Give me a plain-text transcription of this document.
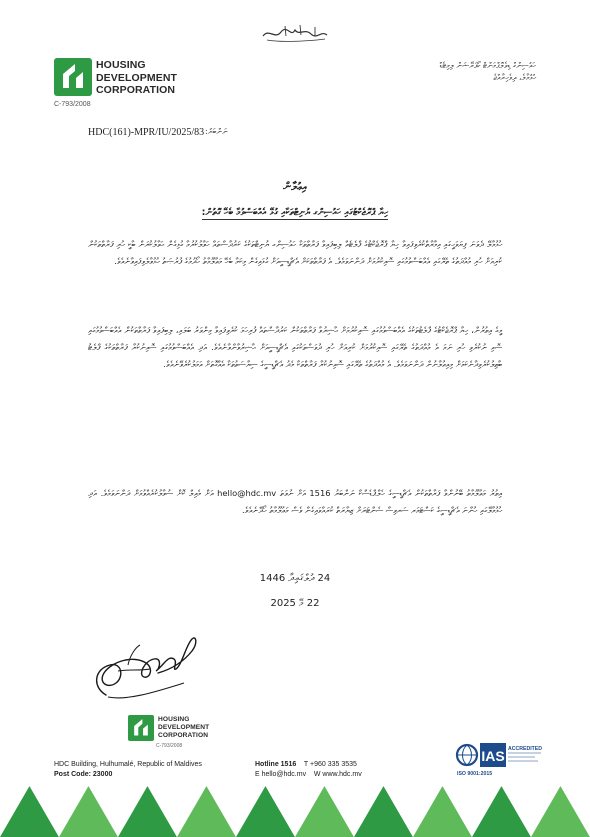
HOUSING
DEVELOPMENT
CORPORATION
C-793/2008
ހައުސިންގް ޑިވެލޮޕްމަންޓް ކޯޕަރޭޝަން ލިމިޓެޑް
ހުޅުމާލެ، ދިވެހިރާއްޖެ
HDC(161)-MPR/IU/2025/83 ނަންބަރު:
އިޢުލާން
ހިޔާ ޕްރޮޖެކްޓުގައި ހައުސިންގ ޔުނިޓްތަކާއި ގުޅޭ އެއްބަސްވުމާ ބެހޭ ގޮތުން:
ހުޅުމާލޭ ދެވަނަ ފިޔަވަހީގައި އިމާރާތްކުރެވިފައިވާ ހިޔާ ޕްރޮޖެކްޓުގެ ފްލެޓެއް ލިބިފައިވާ ފަރާތްތަކާ ހައުސިންގ ޔުނިޓްތަކުގެ ކަރުދާސްތައް ހަވާލުކުރުމާ ގުޅިގެން ޙަވާލުކުރަން ބާކީ ހުރި ފަރާތްތަކުން ކުރިއަށް ހުރި މުއްދަތުގެ ތެރޭގައި އެއްބަސްވުމުގައި ސޮއިކުރުމަށް ދަންނަވަމެވެ. އެ ފަރާތްތަކަށް އެޗްޑީސީއަށް ގުޅައިގެން މިކަމާ ބެހޭ މަޢުލޫމާތު ހޯދުމުގެ ފުރުޞަތު ހުޅުވާލެވިފައިވާނެއެވެ.
މީގެ އިތުރުން، ހިޔާ ޕްރޮޖެކްޓުގެ ފްލެޓުތަކުގެ އެއްބަސްވުމުގައި ސޮއިކުރުމަށް ޙާޟިރުވާ ފަރާތްތަކުން ކަރުދާސްތައް ފުރިހަމަ ކުރެވިފައިވާ މިންވަރު ބަލައި، ލިބިފައިވާ ފަރާތްތަކުން އެއްބަސްވުމުގައި ސޮއި ނުކުރެވި ހުރި ނަމަ އެ މުއްދަތުގެ ތެރޭގައި ސޮއިކުރުމަށް ކުރިއަށް ހުރި ދުވަސްތަކުގައި އެޗްޑީސީއަށް ޙާޟިރުވާންވާނެއެވެ. އަދި އެއްބަސްވުމުގައި ސޮއިނުކުރާ ފަރާތްތަކުގެ ފްލެޓު ބާޠިލުކުރެވިދާނެކަމަށް މިއިޢުލާނުން ދަންނަވަމެވެ. އެ މުއްދަތުގެ ތެރޭގައި ސޮއިނުކުރާ ފަރާތްތަކާ މެދު އެޗްޑީސީގެ ސިޔާސަތުތަކާ އެއްގޮތަށް އަމަލުކުރެވޭނެއެވެ.
އިތުރު މަޢުލޫމާތު ބޭނުންވާ ފަރާތްތަކުން އެޗްޑީސީގެ ހެލްޕްޑެސްކް ނަންބަރު 1516 އަށް ނުވަތަ hello@hdc.mv އަށް މެއިލް ކޮށް ސުވާލުކުރެއްވުމަށް ދަންނަވަމެވެ. އަދި ހުޅުމާލޭގައި ހުންނަ އެޗްޑީސީގެ ކަސްޓަމަރ ސަރވިސް ސެންޓަރަށް ޒިޔާރަތް ކުރައްވައިގެން ވެސް މަޢުލޫމާތު ހޯދޭނެއެވެ.
24 ދުލްޤަޢިދާ 1446
22 މޭ 2025
HOUSING
DEVELOPMENT
CORPORATION
C-793/2008
HDC Building, Hulhumalé, Republic of Maldives
Post Code: 23000
Hotline 1516 T +960 335 3535
E hello@hdc.mv W www.hdc.mv
IAS ACCREDITED
ISO 9001:2015
